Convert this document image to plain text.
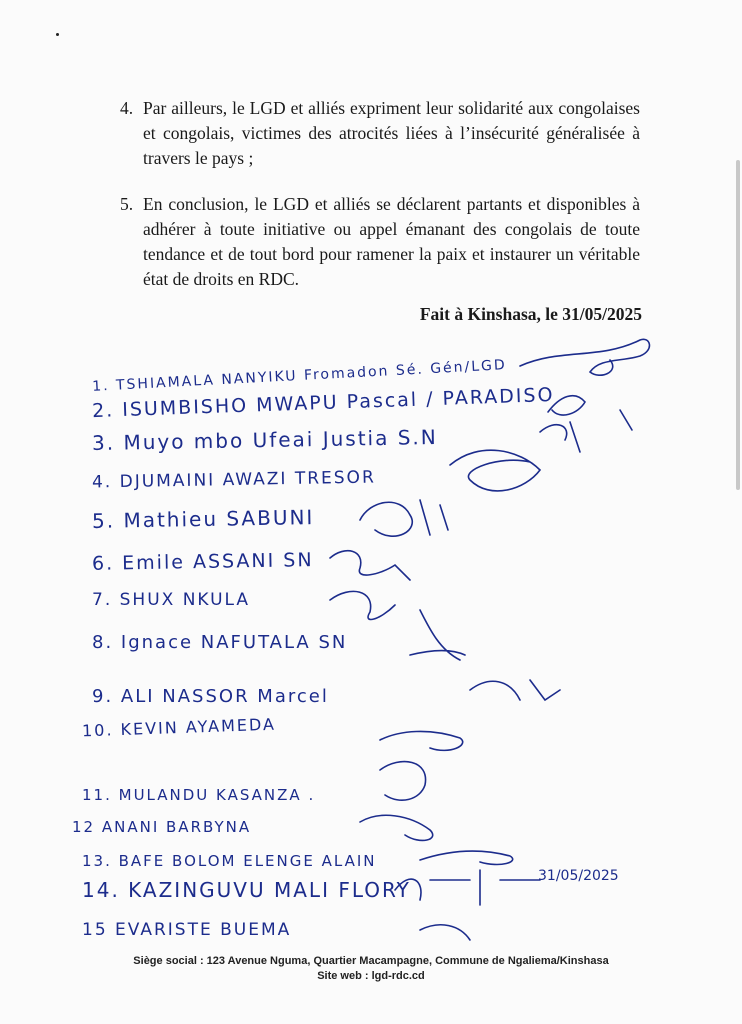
4. Par ailleurs, le LGD et alliés expriment leur solidarité aux congolaises et congolais, victimes des atrocités liées à l’insécurité généralisée à travers le pays ;
5. En conclusion, le LGD et alliés se déclarent partants et disponibles à adhérer à toute initiative ou appel émanant des congolais de toute tendance et de tout bord pour ramener la paix et instaurer un véritable état de droits en RDC.
Fait à Kinshasa, le 31/05/2025
1. TSHIAMALA NANYIKU Fromadon Sé. Gén/LGD
2. ISUMBISHO MWAPU Pascal / PARADISO
3. Muyo mbo Ufeai Justia S.N
4. DJUMAINI AWAZI TRESOR
5. Mathieu SABUNI
6. Emile ASSANI SN
7. SHUX NKULA
8. Ignace NAFUTALA SN
9. ALI NASSOR Marcel
10. KEVIN AYAMEDA
11. MULANDU KASANZA .
12 ANANI BARBYNA
13. BAFE BOLOM ELENGE ALAIN
14. KAZINGUVU MALI FLORY
15 EVARISTE BUEMA
31/05/2025
Siège social : 123 Avenue Nguma, Quartier Macampagne, Commune de Ngaliema/Kinshasa
Site web : lgd-rdc.cd
